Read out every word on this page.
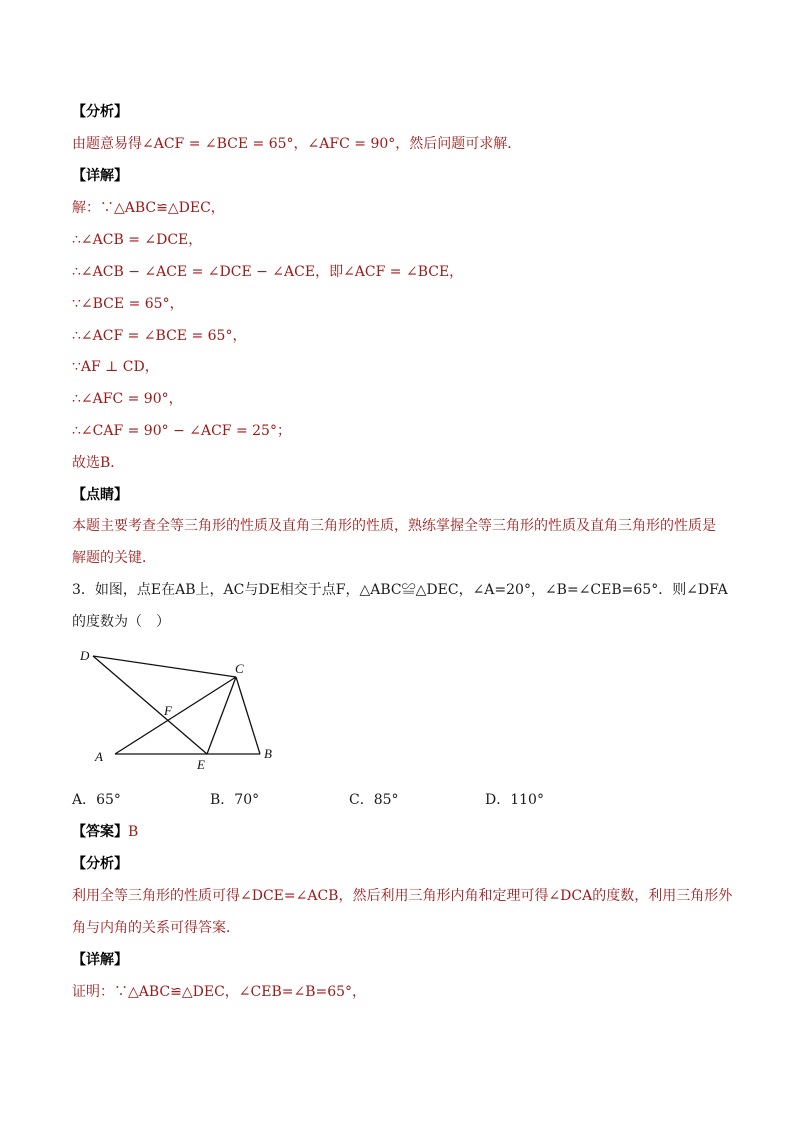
【分析】
由题意易得∠ACF = ∠BCE = 65°，∠AFC = 90°，然后问题可求解．
【详解】
解：∵△ABC≌△DEC，
∴∠ACB = ∠DCE，
∴∠ACB − ∠ACE = ∠DCE − ∠ACE，即∠ACF = ∠BCE，
∵∠BCE = 65°，
∴∠ACF = ∠BCE = 65°，
∵AF ⊥ CD，
∴∠AFC = 90°，
∴∠CAF = 90° − ∠ACF = 25°；
故选B．
【点睛】
本题主要考查全等三角形的性质及直角三角形的性质，熟练掌握全等三角形的性质及直角三角形的性质是
解题的关键．
3．如图，点E在AB上，AC与DE相交于点F，△ABC≌△DEC，∠A=20°，∠B=∠CEB=65°．则∠DFA
的度数为（　）
D
C
F
A
E
B
A．65°	B．70°	C．85°	D．110°
【答案】B
【分析】
利用全等三角形的性质可得∠DCE=∠ACB，然后利用三角形内角和定理可得∠DCA的度数，利用三角形外
角与内角的关系可得答案．
【详解】
证明：∵△ABC≌△DEC，∠CEB=∠B=65°，
